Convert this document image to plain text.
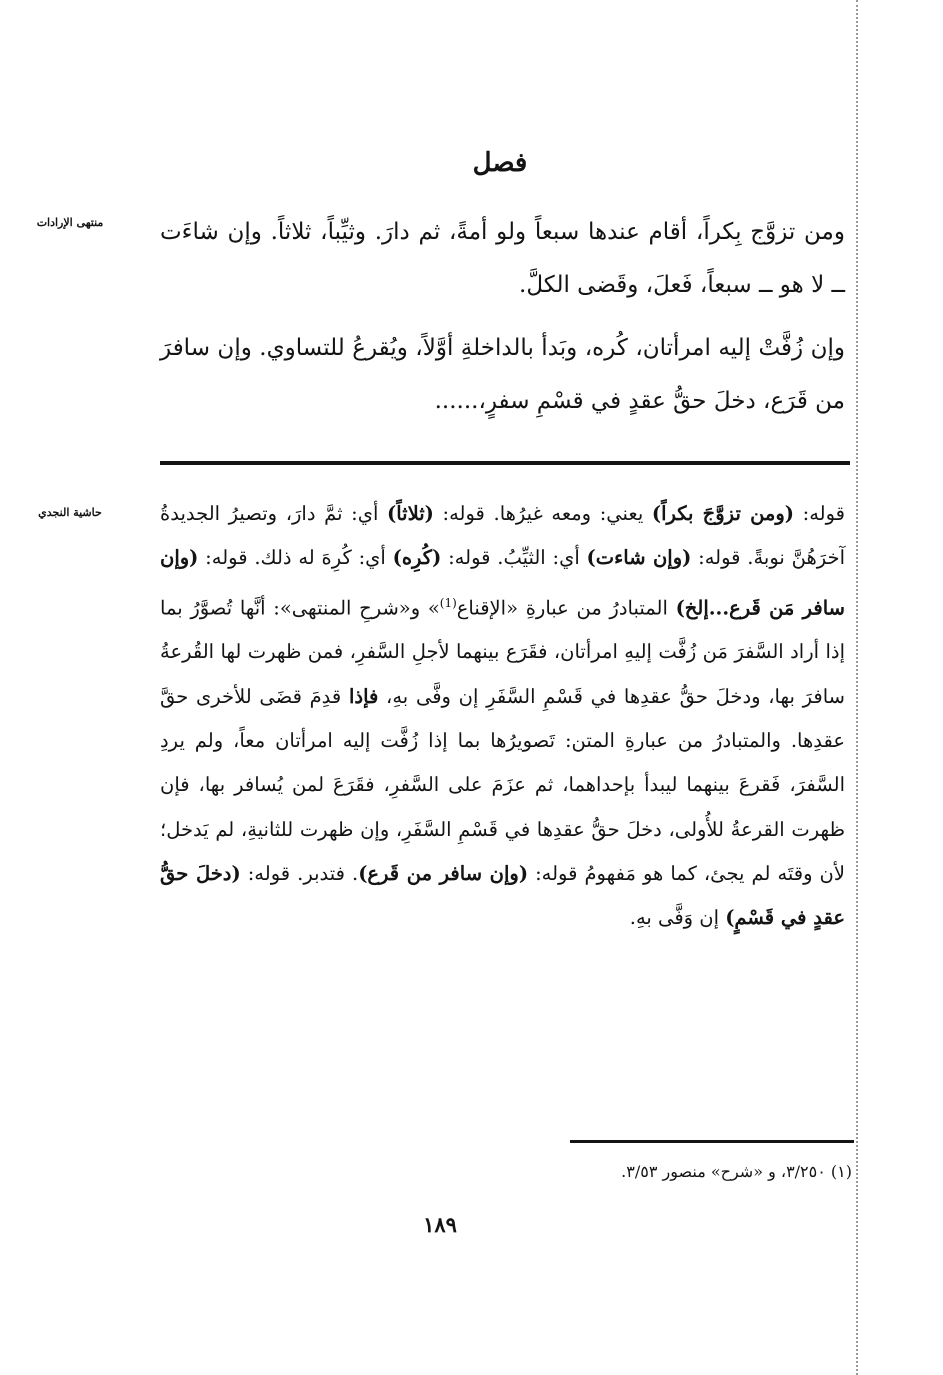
منتهى الإرادات
فصل

ومن تزوَّج بِكراً، أقام عندها سبعاً ولو أمةً، ثم دارَ. وثيِّباً، ثلاثاً. وإن شاءَت ــ لا هو ــ سبعاً، فَعلَ، وقَضى الكلَّ.

وإن زُفَّتْ إليه امرأتان، كُره، وبَدأ بالداخلةِ أوَّلاً، ويُقرعُ للتساوي. وإن سافرَ من قَرَع، دخلَ حقُّ عقدٍ في قسْمِ سفرٍ،......

حاشية النجدي	قوله: (ومن تزوَّجَ بكراً) يعني: ومعه غيرُها. قوله: (ثلاثاً) أي: ثمَّ دارَ، وتصيرُ الجديدةُ آخرَهُنَّ نوبةً. قوله: (وإن شاءت) أي: الثيِّبُ. قوله: (كُرِه) أي: كُرِهَ له ذلك. قوله: (وإن سافر مَن قَرع...إلخ) المتبادرُ من عبارةِ «الإقناع$^{(1)}$» و«شرحِ المنتهى»: أنَّها تُصوَّرُ بما إذا أراد السَّفرَ مَن زُفَّت إليهِ امرأتان، فقَرَع بينهما لأجلِ السَّفرِ، فمن ظهرت لها القُرعةُ سافرَ بها، ودخلَ حقُّ عقدِها في قَسْمِ السَّفَرِ إن وفَّى بهِ، فإذا قدِمَ قضَى للأخرى حقَّ عقدِها. والمتبادرُ من عبارةِ المتن: تَصويرُها بما إذا زُفَّت إليه امرأتان معاً، ولم يردِ السَّفرَ، فَقرعَ بينهما ليبدأ بإحداهما، ثم عزَمَ على السَّفرِ، فقَرَعَ لمن يُسافر بها، فإن ظهرت القرعةُ للأُولى، دخلَ حقُّ عقدِها في قَسْمِ السَّفَرِ، وإن ظهرت للثانيةِ، لم يَدخل؛ لأن وقتَه لم يجئ، كما هو مَفهومُ قوله: (وإن سافر من قَرع). فتدبر. قوله: (دخلَ حقُّ عقدٍ في قَسْمٍ) إن وَفَّى بهِ.

(١) ٣/٢٥٠، و «شرح» منصور ٣/٥٣.

١٨٩
